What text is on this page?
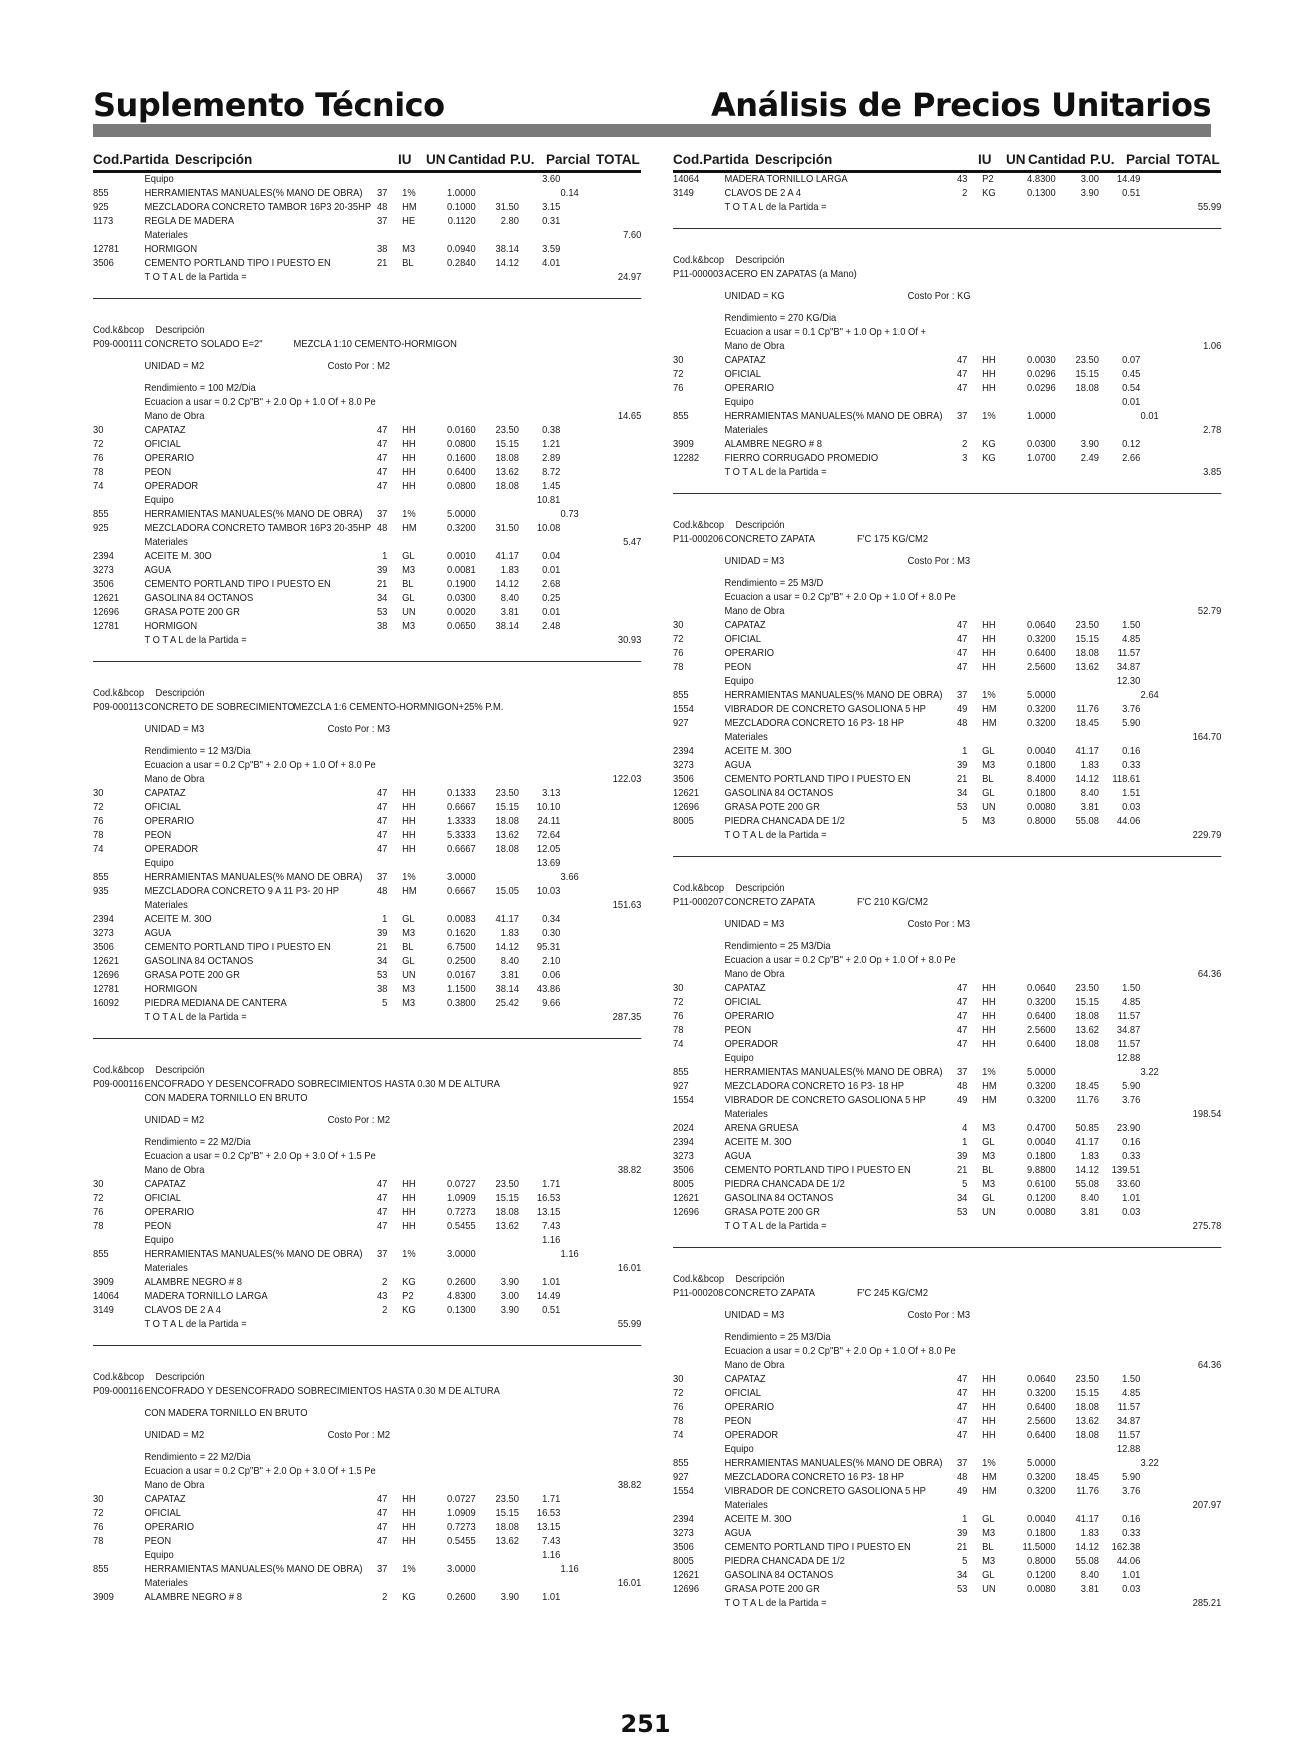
Suplemento Técnico	Análisis de Precios Unitarios
Cod.Partida Descripción	IU UN Cantidad P.U. Parcial TOTAL
Equipo	3.60
855	HERRAMIENTAS MANUALES(% MANO DE OBRA)	37 1%	1.0000	0.14
925	MEZCLADORA CONCRETO TAMBOR 16P3 20-35HP 48 HM	0.1000	31.50	3.15
1173	REGLA DE MADERA	37 HE	0.1120	2.80	0.31
Materiales	7.60
12781 HORMIGON	38 M3	0.0940	38.14	3.59
3506	CEMENTO PORTLAND TIPO I PUESTO EN	21 BL	0.2840	14.12	4.01
T O T A L de la Partida =	24.97
Cod.k&bcop Descripción
P09-000111 CONCRETO SOLADO E=2"	MEZCLA 1:10 CEMENTO-HORMIGON
UNIDAD = M2	Costo Por : M2
Rendimiento = 100 M2/Dia
Ecuacion a usar = 0.2 Cp"B" + 2.0 Op + 1.0 Of + 8.0 Pe
Mano de Obra	14.65
30	CAPATAZ	47 HH	0.0160	23.50	0.38
72	OFICIAL	47 HH	0.0800	15.15	1.21
76	OPERARIO	47 HH	0.1600	18.08	2.89
78	PEON	47 HH	0.6400	13.62	8.72
74	OPERADOR	47 HH	0.0800	18.08	1.45
Equipo	10.81
855	HERRAMIENTAS MANUALES(% MANO DE OBRA)	37 1%	5.0000	0.73
925	MEZCLADORA CONCRETO TAMBOR 16P3 20-35HP 48 HM	0.3200	31.50	10.08
Materiales	5.47
2394	ACEITE M. 30O	1 GL	0.0010	41.17	0.04
3273	AGUA	39 M3	0.0081	1.83	0.01
3506	CEMENTO PORTLAND TIPO I PUESTO EN	21 BL	0.1900	14.12	2.68
12621 GASOLINA 84 OCTANOS	34 GL	0.0300	8.40	0.25
12696 GRASA POTE 200 GR	53 UN	0.0020	3.81	0.01
12781 HORMIGON	38 M3	0.0650	38.14	2.48
T O T A L de la Partida =	30.93
Cod.k&bcop Descripción
P09-000113 CONCRETO DE SOBRECIMIENTO
MEZCLA 1:6 CEMENTO-HORMNIGON+25% P.M.
UNIDAD = M3	Costo Por : M3
Rendimiento = 12 M3/Dia
Ecuacion a usar = 0.2 Cp"B" + 2.0 Op + 1.0 Of + 8.0 Pe
Mano de Obra	122.03
30	CAPATAZ	47 HH	0.1333	23.50	3.13
72	OFICIAL	47 HH	0.6667	15.15	10.10
76	OPERARIO	47 HH	1.3333	18.08	24.11
78	PEON	47 HH	5.3333	13.62	72.64
74	OPERADOR	47 HH	0.6667	18.08	12.05
Equipo	13.69
855	HERRAMIENTAS MANUALES(% MANO DE OBRA)	37 1%	3.0000	3.66
935	MEZCLADORA CONCRETO 9 A 11 P3- 20 HP	48 HM	0.6667	15.05	10.03
Materiales	151.63
2394	ACEITE M. 30O	1 GL	0.0083	41.17	0.34
3273	AGUA	39 M3	0.1620	1.83	0.30
3506	CEMENTO PORTLAND TIPO I PUESTO EN	21 BL	6.7500	14.12	95.31
12621 GASOLINA 84 OCTANOS	34 GL	0.2500	8.40	2.10
12696 GRASA POTE 200 GR	53 UN	0.0167	3.81	0.06
12781 HORMIGON	38 M3	1.1500	38.14	43.86
16092 PIEDRA MEDIANA DE CANTERA	5 M3	0.3800	25.42	9.66
T O T A L de la Partida =	287.35
Cod.k&bcop Descripción
P09-000116 ENCOFRADO Y DESENCOFRADO SOBRECIMIENTOS HASTA 0.30 M DE ALTURA
CON MADERA TORNILLO EN BRUTO
UNIDAD = M2	Costo Por : M2
Rendimiento = 22 M2/Dia
Ecuacion a usar = 0.2 Cp"B" + 2.0 Op + 3.0 Of + 1.5 Pe
Mano de Obra	38.82
30	CAPATAZ	47 HH	0.0727	23.50	1.71
72	OFICIAL	47 HH	1.0909	15.15	16.53
76	OPERARIO	47 HH	0.7273	18.08	13.15
78	PEON	47 HH	0.5455	13.62	7.43
Equipo	1.16
855	HERRAMIENTAS MANUALES(% MANO DE OBRA)	37 1%	3.0000	1.16
Materiales	16.01
3909	ALAMBRE NEGRO # 8	2 KG	0.2600	3.90	1.01
14064 MADERA TORNILLO LARGA	43 P2	4.8300	3.00	14.49
3149	CLAVOS DE 2 A 4	2 KG	0.1300	3.90	0.51
T O T A L de la Partida =	55.99
Cod.k&bcop Descripción
P09-000116 ENCOFRADO Y DESENCOFRADO SOBRECIMIENTOS HASTA 0.30 M DE ALTURA
CON MADERA TORNILLO EN BRUTO
UNIDAD = M2	Costo Por : M2
Rendimiento = 22 M2/Dia
Ecuacion a usar = 0.2 Cp"B" + 2.0 Op + 3.0 Of + 1.5 Pe
Mano de Obra	38.82
30	CAPATAZ	47 HH	0.0727	23.50	1.71
72	OFICIAL	47 HH	1.0909	15.15	16.53
76	OPERARIO	47 HH	0.7273	18.08	13.15
78	PEON	47 HH	0.5455	13.62	7.43
Equipo	1.16
855	HERRAMIENTAS MANUALES(% MANO DE OBRA)	37 1%	3.0000	1.16
Materiales	16.01
3909	ALAMBRE NEGRO # 8	2 KG	0.2600	3.90	1.01
Cod.Partida Descripción	IU UN Cantidad P.U. Parcial TOTAL
14064 MADERA TORNILLO LARGA	43 P2	4.8300	3.00	14.49
3149	CLAVOS DE 2 A 4	2 KG	0.1300	3.90	0.51
T O T A L de la Partida =	55.99
Cod.k&bcop Descripción
P11-000003 ACERO EN ZAPATAS (a Mano)
UNIDAD = KG	Costo Por : KG
Rendimiento = 270 KG/Dia
Ecuacion a usar = 0.1 Cp"B" + 1.0 Op + 1.0 Of +
Mano de Obra	1.06
30	CAPATAZ	47 HH	0.0030	23.50	0.07
72	OFICIAL	47 HH	0.0296	15.15	0.45
76	OPERARIO	47 HH	0.0296	18.08	0.54
Equipo	0.01
855	HERRAMIENTAS MANUALES(% MANO DE OBRA)	37 1%	1.0000	0.01
Materiales	2.78
3909	ALAMBRE NEGRO # 8	2 KG	0.0300	3.90	0.12
12282 FIERRO CORRUGADO PROMEDIO	3 KG	1.0700	2.49	2.66
T O T A L de la Partida =	3.85
Cod.k&bcop Descripción
P11-000206 CONCRETO ZAPATA	F'C 175 KG/CM2
UNIDAD = M3	Costo Por : M3
Rendimiento = 25 M3/D
Ecuacion a usar = 0.2 Cp"B" + 2.0 Op + 1.0 Of + 8.0 Pe
Mano de Obra	52.79
30	CAPATAZ	47 HH	0.0640	23.50	1.50
72	OFICIAL	47 HH	0.3200	15.15	4.85
76	OPERARIO	47 HH	0.6400	18.08	11.57
78	PEON	47 HH	2.5600	13.62	34.87
Equipo	12.30
855	HERRAMIENTAS MANUALES(% MANO DE OBRA)	37 1%	5.0000	2.64
1554	VIBRADOR DE CONCRETO GASOLIONA 5 HP	49 HM	0.3200	11.76	3.76
927	MEZCLADORA CONCRETO 16 P3- 18 HP	48 HM	0.3200	18.45	5.90
Materiales	164.70
2394	ACEITE M. 30O	1 GL	0.0040	41.17	0.16
3273	AGUA	39 M3	0.1800	1.83	0.33
3506	CEMENTO PORTLAND TIPO I PUESTO EN	21 BL	8.4000	14.12	118.61
12621 GASOLINA 84 OCTANOS	34 GL	0.1800	8.40	1.51
12696 GRASA POTE 200 GR	53 UN	0.0080	3.81	0.03
8005	PIEDRA CHANCADA DE 1/2	5 M3	0.8000	55.08	44.06
T O T A L de la Partida =	229.79
Cod.k&bcop Descripción
P11-000207 CONCRETO ZAPATA	F'C 210 KG/CM2
UNIDAD = M3	Costo Por : M3
Rendimiento = 25 M3/Dia
Ecuacion a usar = 0.2 Cp"B" + 2.0 Op + 1.0 Of + 8.0 Pe
Mano de Obra	64.36
30	CAPATAZ	47 HH	0.0640	23.50	1.50
72	OFICIAL	47 HH	0.3200	15.15	4.85
76	OPERARIO	47 HH	0.6400	18.08	11.57
78	PEON	47 HH	2.5600	13.62	34.87
74	OPERADOR	47 HH	0.6400	18.08	11.57
Equipo	12.88
855	HERRAMIENTAS MANUALES(% MANO DE OBRA)	37 1%	5.0000	3.22
927	MEZCLADORA CONCRETO 16 P3- 18 HP	48 HM	0.3200	18.45	5.90
1554	VIBRADOR DE CONCRETO GASOLIONA 5 HP	49 HM	0.3200	11.76	3.76
Materiales	198.54
2024	ARENA GRUESA	4 M3	0.4700	50.85	23.90
2394	ACEITE M. 30O	1 GL	0.0040	41.17	0.16
3273	AGUA	39 M3	0.1800	1.83	0.33
3506	CEMENTO PORTLAND TIPO I PUESTO EN	21 BL	9.8800	14.12	139.51
8005	PIEDRA CHANCADA DE 1/2	5 M3	0.6100	55.08	33.60
12621 GASOLINA 84 OCTANOS	34 GL	0.1200	8.40	1.01
12696 GRASA POTE 200 GR	53 UN	0.0080	3.81	0.03
T O T A L de la Partida =	275.78
Cod.k&bcop Descripción
P11-000208 CONCRETO ZAPATA	F'C 245 KG/CM2
UNIDAD = M3	Costo Por : M3
Rendimiento = 25 M3/Dia
Ecuacion a usar = 0.2 Cp"B" + 2.0 Op + 1.0 Of + 8.0 Pe
Mano de Obra	64.36
30	CAPATAZ	47 HH	0.0640	23.50	1.50
72	OFICIAL	47 HH	0.3200	15.15	4.85
76	OPERARIO	47 HH	0.6400	18.08	11.57
78	PEON	47 HH	2.5600	13.62	34.87
74	OPERADOR	47 HH	0.6400	18.08	11.57
Equipo	12.88
855	HERRAMIENTAS MANUALES(% MANO DE OBRA)	37 1%	5.0000	3.22
927	MEZCLADORA CONCRETO 16 P3- 18 HP	48 HM	0.3200	18.45	5.90
1554	VIBRADOR DE CONCRETO GASOLIONA 5 HP	49 HM	0.3200	11.76	3.76
Materiales	207.97
2394	ACEITE M. 30O	1 GL	0.0040	41.17	0.16
3273	AGUA	39 M3	0.1800	1.83	0.33
3506	CEMENTO PORTLAND TIPO I PUESTO EN	21 BL	11.5000	14.12	162.38
8005	PIEDRA CHANCADA DE 1/2	5 M3	0.8000	55.08	44.06
12621 GASOLINA 84 OCTANOS	34 GL	0.1200	8.40	1.01
12696 GRASA POTE 200 GR	53 UN	0.0080	3.81	0.03
T O T A L de la Partida =	285.21
251
